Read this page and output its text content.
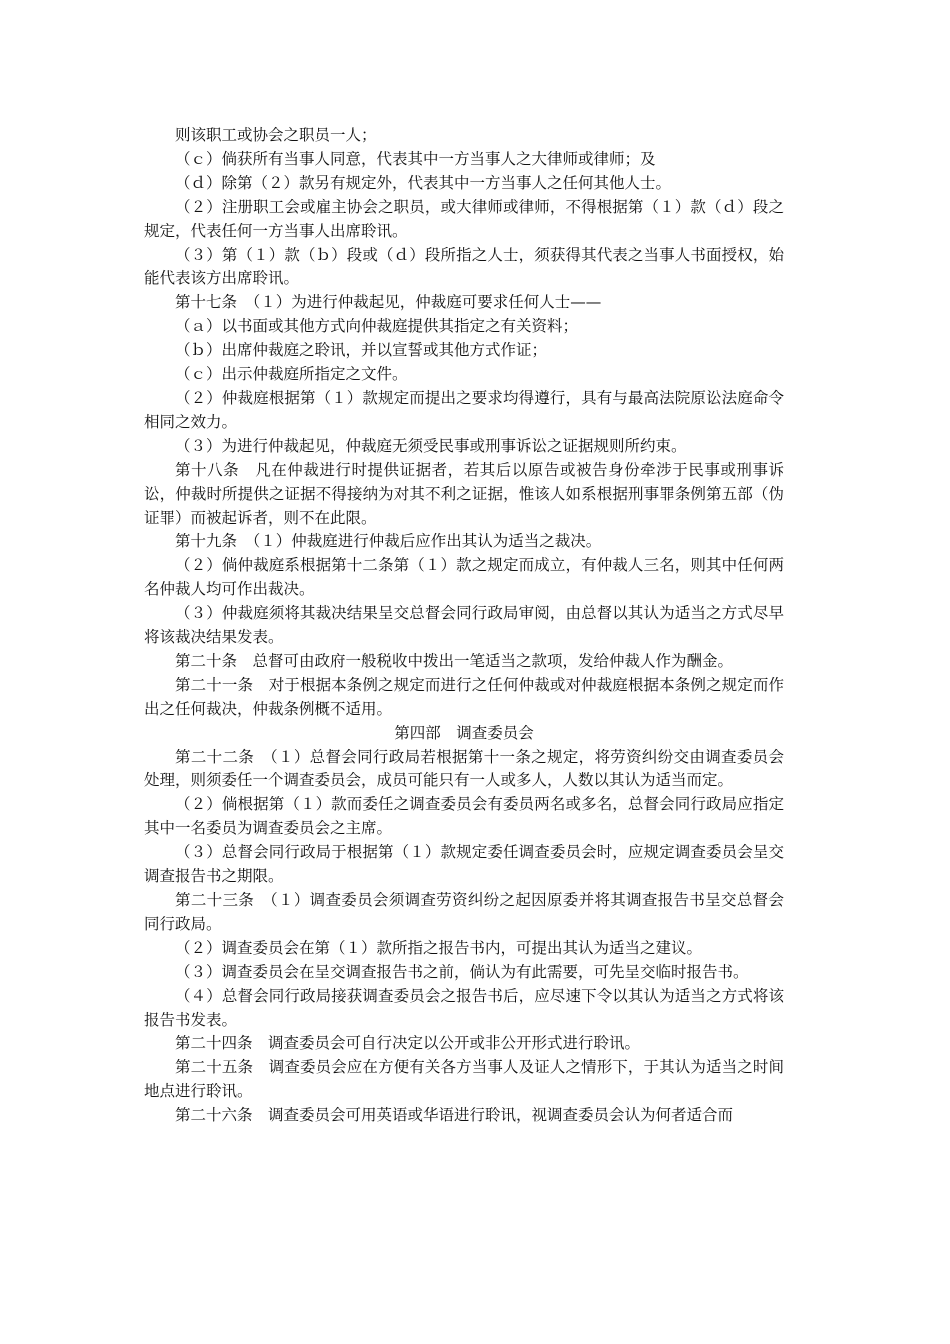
则该职工或协会之职员一人；

（ｃ）倘获所有当事人同意，代表其中一方当事人之大律师或律师；及

（ｄ）除第（２）款另有规定外，代表其中一方当事人之任何其他人士。

（２）注册职工会或雇主协会之职员，或大律师或律师，不得根据第（１）款（ｄ）段之规定，代表任何一方当事人出席聆讯。

（３）第（１）款（ｂ）段或（ｄ）段所指之人士，须获得其代表之当事人书面授权，始能代表该方出席聆讯。

第十七条　（１）为进行仲裁起见，仲裁庭可要求任何人士——

（ａ）以书面或其他方式向仲裁庭提供其指定之有关资料；

（ｂ）出席仲裁庭之聆讯，并以宣誓或其他方式作证；

（ｃ）出示仲裁庭所指定之文件。

（２）仲裁庭根据第（１）款规定而提出之要求均得遵行，具有与最高法院原讼法庭命令相同之效力。

（３）为进行仲裁起见，仲裁庭无须受民事或刑事诉讼之证据规则所约束。

第十八条　凡在仲裁进行时提供证据者，若其后以原告或被告身份牵涉于民事或刑事诉讼，仲裁时所提供之证据不得接纳为对其不利之证据，惟该人如系根据刑事罪条例第五部（伪证罪）而被起诉者，则不在此限。

第十九条　（１）仲裁庭进行仲裁后应作出其认为适当之裁决。

（２）倘仲裁庭系根据第十二条第（１）款之规定而成立，有仲裁人三名，则其中任何两名仲裁人均可作出裁决。

（３）仲裁庭须将其裁决结果呈交总督会同行政局审阅，由总督以其认为适当之方式尽早将该裁决结果发表。

第二十条　总督可由政府一般税收中拨出一笔适当之款项，发给仲裁人作为酬金。

第二十一条　对于根据本条例之规定而进行之任何仲裁或对仲裁庭根据本条例之规定而作出之任何裁决，仲裁条例概不适用。

第四部　调查委员会

第二十二条　（１）总督会同行政局若根据第十一条之规定，将劳资纠纷交由调查委员会处理，则须委任一个调查委员会，成员可能只有一人或多人，人数以其认为适当而定。

（２）倘根据第（１）款而委任之调查委员会有委员两名或多名，总督会同行政局应指定其中一名委员为调查委员会之主席。

（３）总督会同行政局于根据第（１）款规定委任调查委员会时，应规定调查委员会呈交调查报告书之期限。

第二十三条　（１）调查委员会须调查劳资纠纷之起因原委并将其调查报告书呈交总督会同行政局。

（２）调查委员会在第（１）款所指之报告书内，可提出其认为适当之建议。

（３）调查委员会在呈交调查报告书之前，倘认为有此需要，可先呈交临时报告书。

（４）总督会同行政局接获调查委员会之报告书后，应尽速下令以其认为适当之方式将该报告书发表。

第二十四条　调查委员会可自行决定以公开或非公开形式进行聆讯。

第二十五条　调查委员会应在方便有关各方当事人及证人之情形下，于其认为适当之时间地点进行聆讯。

第二十六条　调查委员会可用英语或华语进行聆讯，视调查委员会认为何者适合而
